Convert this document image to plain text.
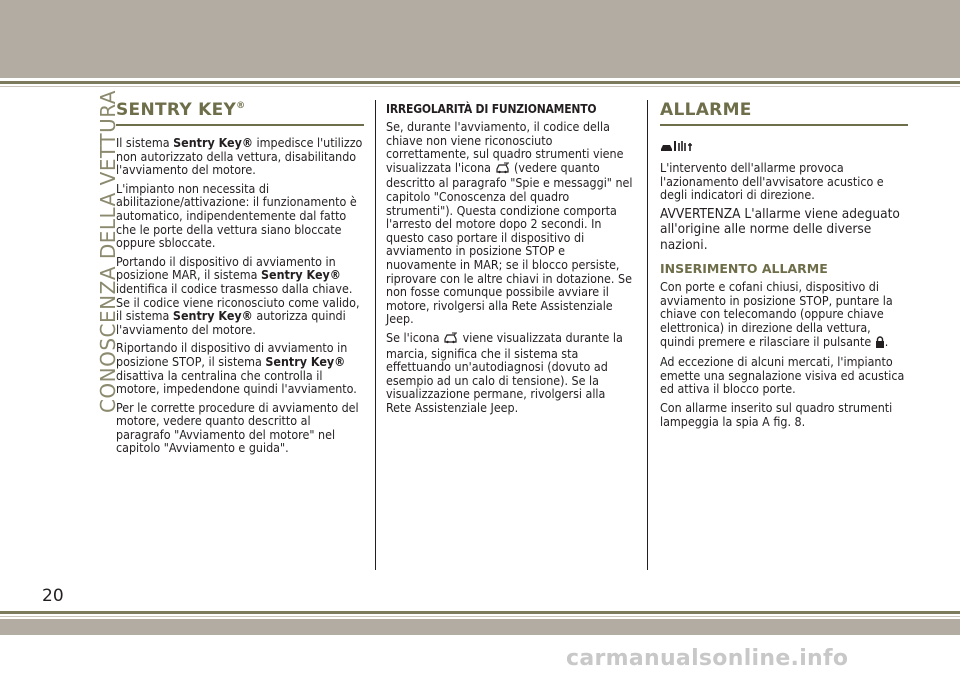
CONOSCENZA DELLA VETTURA
SENTRY KEY®

Il sistema Sentry Key® impedisce l'utilizzo non autorizzato della vettura, disabilitando l'avviamento del motore.

L'impianto non necessita di abilitazione/attivazione: il funzionamento è automatico, indipendentemente dal fatto che le porte della vettura siano bloccate oppure sbloccate.

Portando il dispositivo di avviamento in posizione MAR, il sistema Sentry Key® identifica il codice trasmesso dalla chiave. Se il codice viene riconosciuto come valido, il sistema Sentry Key® autorizza quindi l'avviamento del motore.

Riportando il dispositivo di avviamento in posizione STOP, il sistema Sentry Key® disattiva la centralina che controlla il motore, impedendone quindi l'avviamento.

Per le corrette procedure di avviamento del motore, vedere quanto descritto al paragrafo "Avviamento del motore" nel capitolo "Avviamento e guida".

IRREGOLARITÀ DI FUNZIONAMENTO

Se, durante l'avviamento, il codice della chiave non viene riconosciuto correttamente, sul quadro strumenti viene visualizzata l'icona  (vedere quanto descritto al paragrafo "Spie e messaggi" nel capitolo "Conoscenza del quadro strumenti"). Questa condizione comporta l'arresto del motore dopo 2 secondi. In questo caso portare il dispositivo di avviamento in posizione STOP e nuovamente in MAR; se il blocco persiste, riprovare con le altre chiavi in dotazione. Se non fosse comunque possibile avviare il motore, rivolgersi alla Rete Assistenziale Jeep.

Se l'icona  viene visualizzata durante la marcia, significa che il sistema sta effettuando un'autodiagnosi (dovuto ad esempio ad un calo di tensione). Se la visualizzazione permane, rivolgersi alla Rete Assistenziale Jeep.

ALLARME

L'intervento dell'allarme provoca l'azionamento dell'avvisatore acustico e degli indicatori di direzione.

AVVERTENZA L'allarme viene adeguato all'origine alle norme delle diverse nazioni.

INSERIMENTO ALLARME

Con porte e cofani chiusi, dispositivo di avviamento in posizione STOP, puntare la chiave con telecomando (oppure chiave elettronica) in direzione della vettura, quindi premere e rilasciare il pulsante .

Ad eccezione di alcuni mercati, l'impianto emette una segnalazione visiva ed acustica ed attiva il blocco porte.

Con allarme inserito sul quadro strumenti lampeggia la spia A fig. 8.

20
carmanualsonline.info
